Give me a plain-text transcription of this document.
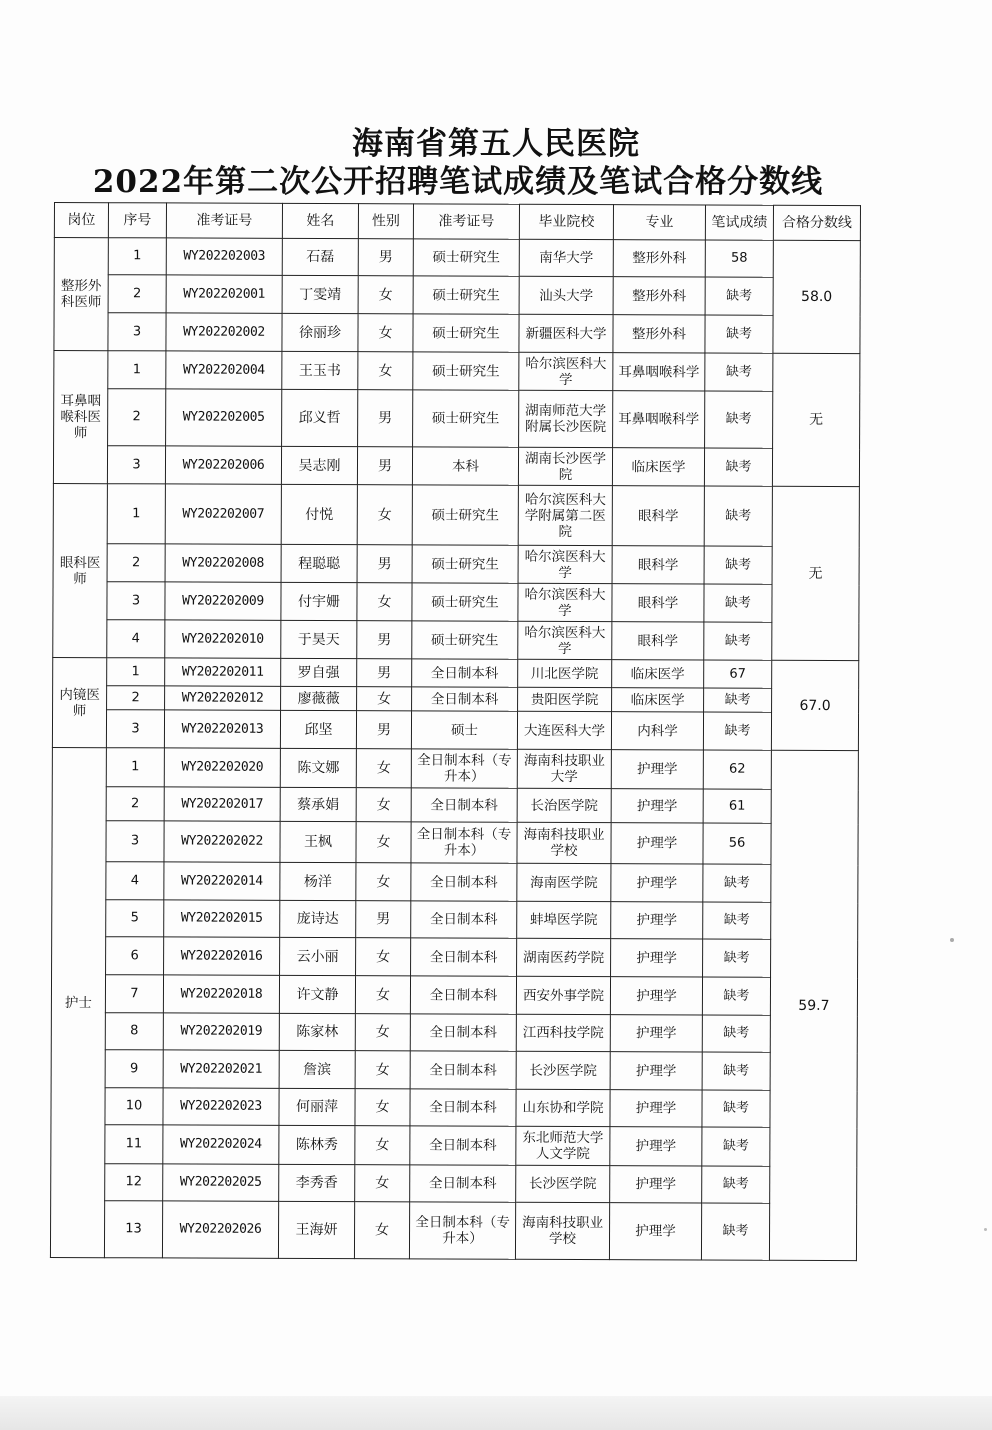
海南省第五人民医院
2022年第二次公开招聘笔试成绩及笔试合格分数线
岗位	序号	准考证号	姓名	性别	准考证号	毕业院校	专业	笔试成绩	合格分数线
整形外科医师	1	WY202202003	石磊	男	硕士研究生	南华大学	整形外科	58	58.0
	2	WY202202001	丁雯靖	女	硕士研究生	汕头大学	整形外科	缺考	
	3	WY202202002	徐丽珍	女	硕士研究生	新疆医科大学	整形外科	缺考	
耳鼻咽喉科医师	1	WY202202004	王玉书	女	硕士研究生	哈尔滨医科大学	耳鼻咽喉科学	缺考	无
	2	WY202202005	邱义哲	男	硕士研究生	湖南师范大学附属长沙医院	耳鼻咽喉科学	缺考	
	3	WY202202006	吴志刚	男	本科	湖南长沙医学院	临床医学	缺考	
眼科医师	1	WY202202007	付悦	女	硕士研究生	哈尔滨医科大学附属第二医院	眼科学	缺考	无
	2	WY202202008	程聪聪	男	硕士研究生	哈尔滨医科大学	眼科学	缺考	
	3	WY202202009	付宇姗	女	硕士研究生	哈尔滨医科大学	眼科学	缺考	
	4	WY202202010	于昊天	男	硕士研究生	哈尔滨医科大学	眼科学	缺考	
内镜医师	1	WY202202011	罗自强	男	全日制本科	川北医学院	临床医学	67	67.0
	2	WY202202012	廖薇薇	女	全日制本科	贵阳医学院	临床医学	缺考	
	3	WY202202013	邱坚	男	硕士	大连医科大学	内科学	缺考	
护士	1	WY202202020	陈文娜	女	全日制本科（专升本）	海南科技职业大学	护理学	62	59.7
	2	WY202202017	蔡承娟	女	全日制本科	长治医学院	护理学	61	
	3	WY202202022	王枫	女	全日制本科（专升本）	海南科技职业学校	护理学	56	
	4	WY202202014	杨洋	女	全日制本科	海南医学院	护理学	缺考	
	5	WY202202015	庞诗达	男	全日制本科	蚌埠医学院	护理学	缺考	
	6	WY202202016	云小丽	女	全日制本科	湖南医药学院	护理学	缺考	
	7	WY202202018	许文静	女	全日制本科	西安外事学院	护理学	缺考	
	8	WY202202019	陈家林	女	全日制本科	江西科技学院	护理学	缺考	
	9	WY202202021	詹滨	女	全日制本科	长沙医学院	护理学	缺考	
	10	WY202202023	何丽萍	女	全日制本科	山东协和学院	护理学	缺考	
	11	WY202202024	陈林秀	女	全日制本科	东北师范大学人文学院	护理学	缺考	
	12	WY202202025	李秀香	女	全日制本科	长沙医学院	护理学	缺考	
	13	WY202202026	王海妍	女	全日制本科（专升本）	海南科技职业学校	护理学	缺考	
